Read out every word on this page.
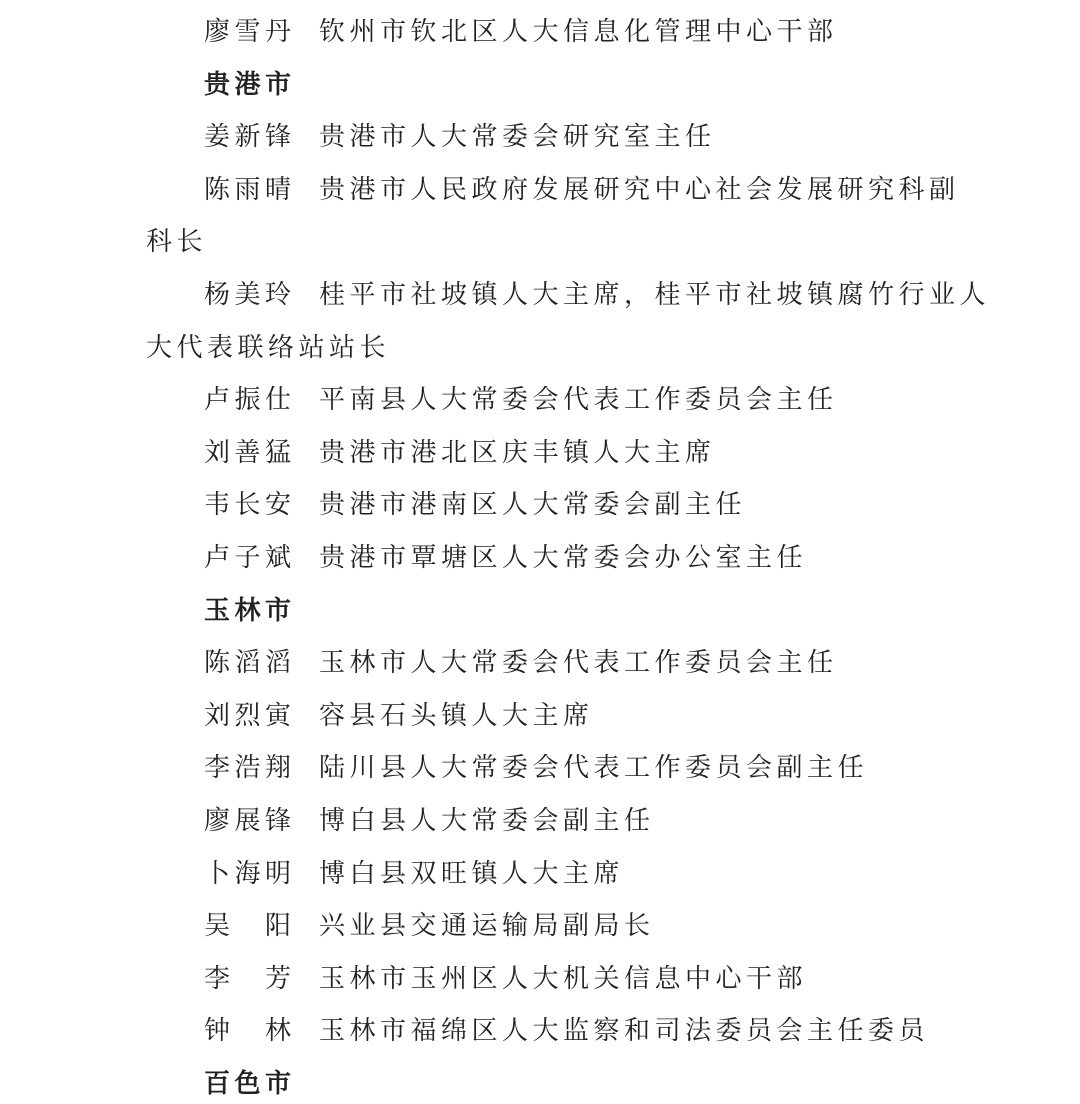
廖雪丹 钦州市钦北区人大信息化管理中心干部
贵港市
姜新锋 贵港市人大常委会研究室主任
陈雨晴 贵港市人民政府发展研究中心社会发展研究科副
科长
杨美玲 桂平市社坡镇人大主席，桂平市社坡镇腐竹行业人
大代表联络站站长
卢振仕 平南县人大常委会代表工作委员会主任
刘善猛 贵港市港北区庆丰镇人大主席
韦长安 贵港市港南区人大常委会副主任
卢子斌 贵港市覃塘区人大常委会办公室主任
玉林市
陈滔滔 玉林市人大常委会代表工作委员会主任
刘烈寅 容县石头镇人大主席
李浩翔 陆川县人大常委会代表工作委员会副主任
廖展锋 博白县人大常委会副主任
卜海明 博白县双旺镇人大主席
吴　阳 兴业县交通运输局副局长
李　芳 玉林市玉州区人大机关信息中心干部
钟　林 玉林市福绵区人大监察和司法委员会主任委员
百色市
